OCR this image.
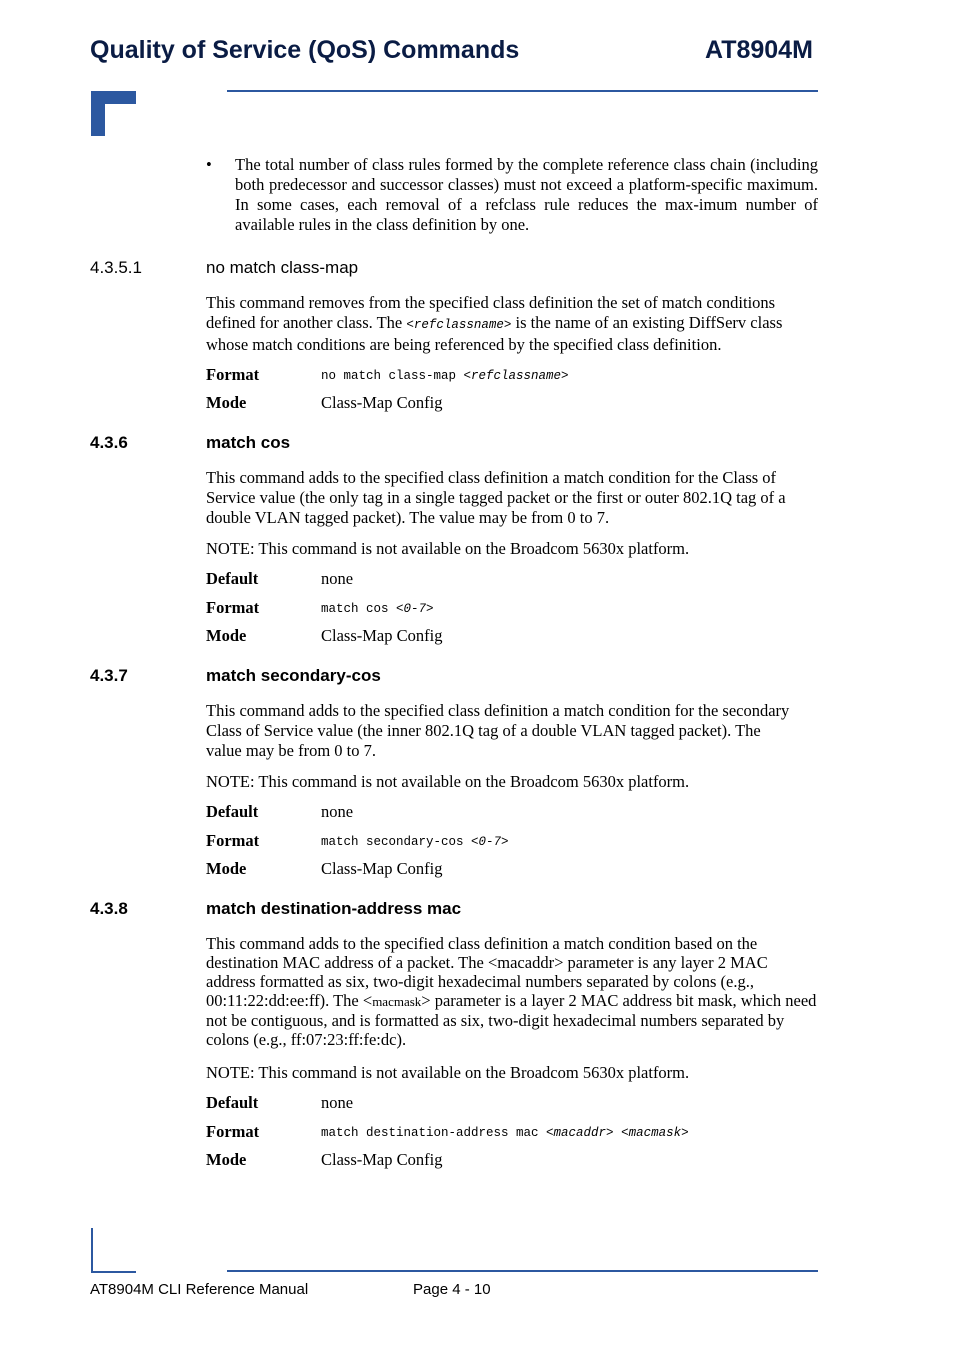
Quality of Service (QoS) Commands	AT8904M
• The total number of class rules formed by the complete reference class chain (including both predecessor and successor classes) must not exceed a platform-specific maximum. In some cases, each removal of a refclass rule reduces the max-imum number of available rules in the class definition by one.
4.3.5.1	no match class-map
This command removes from the specified class definition the set of match conditions defined for another class. The <refclassname> is the name of an existing DiffServ class whose match conditions are being referenced by the specified class definition.
Format	no match class-map <refclassname>
Mode	Class-Map Config
4.3.6	match cos
This command adds to the specified class definition a match condition for the Class of Service value (the only tag in a single tagged packet or the first or outer 802.1Q tag of a double VLAN tagged packet). The value may be from 0 to 7.
NOTE: This command is not available on the Broadcom 5630x platform.
Default	none
Format	match cos <0-7>
Mode	Class-Map Config
4.3.7	match secondary-cos
This command adds to the specified class definition a match condition for the secondary Class of Service value (the inner 802.1Q tag of a double VLAN tagged packet). The value may be from 0 to 7.
NOTE: This command is not available on the Broadcom 5630x platform.
Default	none
Format	match secondary-cos <0-7>
Mode	Class-Map Config
4.3.8	match destination-address mac
This command adds to the specified class definition a match condition based on the destination MAC address of a packet. The <macaddr> parameter is any layer 2 MAC address formatted as six, two-digit hexadecimal numbers separated by colons (e.g., 00:11:22:dd:ee:ff). The <macmask> parameter is a layer 2 MAC address bit mask, which need not be contiguous, and is formatted as six, two-digit hexadecimal numbers separated by colons (e.g., ff:07:23:ff:fe:dc).
NOTE: This command is not available on the Broadcom 5630x platform.
Default	none
Format	match destination-address mac <macaddr> <macmask>
Mode	Class-Map Config
AT8904M CLI Reference Manual	Page 4 - 10
